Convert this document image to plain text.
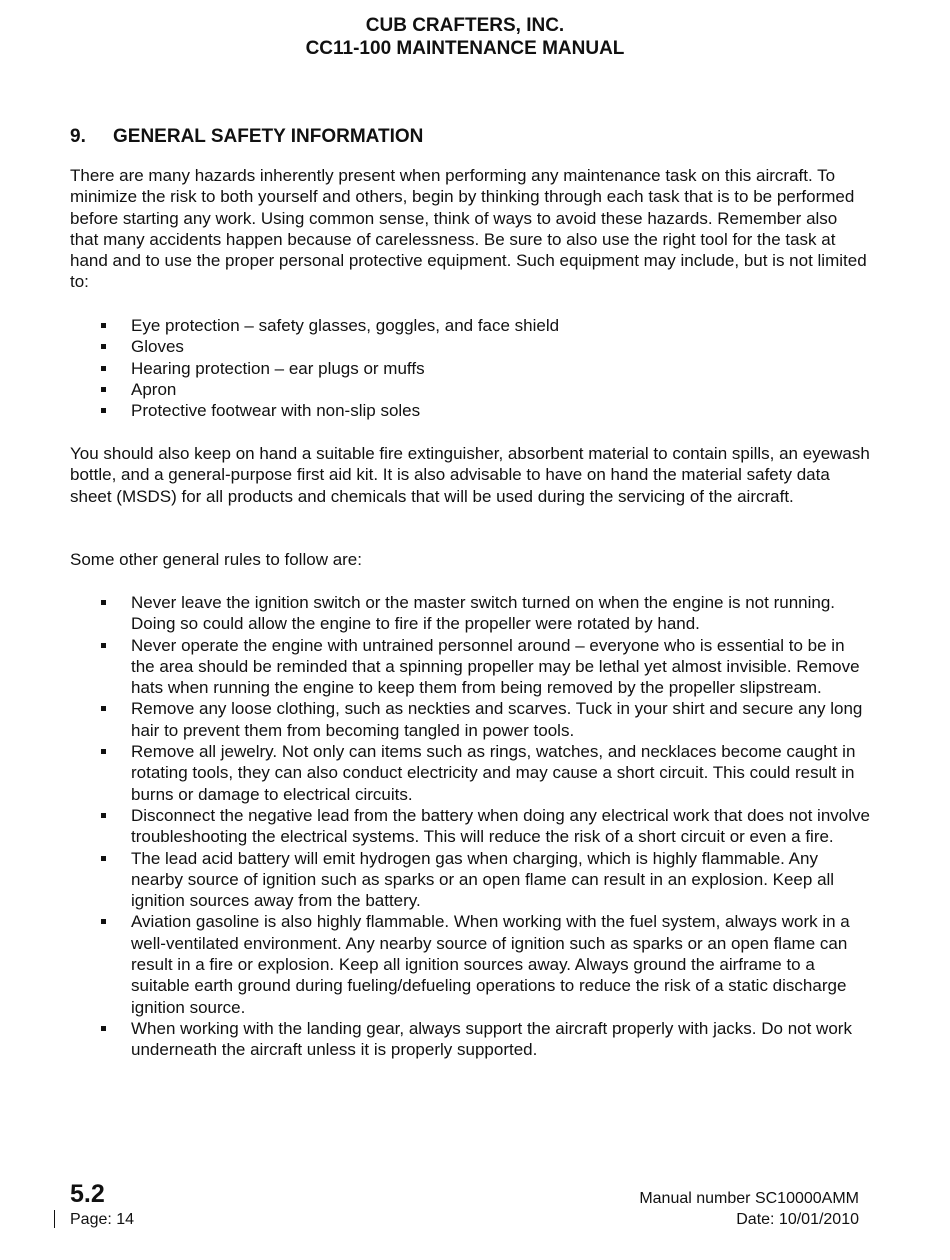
CUB CRAFTERS, INC.
CC11-100 MAINTENANCE MANUAL
9. GENERAL SAFETY INFORMATION

There are many hazards inherently present when performing any maintenance task on this aircraft. To minimize the risk to both yourself and others, begin by thinking through each task that is to be performed before starting any work. Using common sense, think of ways to avoid these hazards. Remember also that many accidents happen because of carelessness. Be sure to also use the right tool for the task at hand and to use the proper personal protective equipment. Such equipment may include, but is not limited to:

Eye protection – safety glasses, goggles, and face shield
Gloves
Hearing protection – ear plugs or muffs
Apron
Protective footwear with non-slip soles

You should also keep on hand a suitable fire extinguisher, absorbent material to contain spills, an eyewash bottle, and a general-purpose first aid kit. It is also advisable to have on hand the material safety data sheet (MSDS) for all products and chemicals that will be used during the servicing of the aircraft.

Some other general rules to follow are:

Never leave the ignition switch or the master switch turned on when the engine is not running. Doing so could allow the engine to fire if the propeller were rotated by hand.
Never operate the engine with untrained personnel around – everyone who is essential to be in the area should be reminded that a spinning propeller may be lethal yet almost invisible. Remove hats when running the engine to keep them from being removed by the propeller slipstream.
Remove any loose clothing, such as neckties and scarves. Tuck in your shirt and secure any long hair to prevent them from becoming tangled in power tools.
Remove all jewelry. Not only can items such as rings, watches, and necklaces become caught in rotating tools, they can also conduct electricity and may cause a short circuit. This could result in burns or damage to electrical circuits.
Disconnect the negative lead from the battery when doing any electrical work that does not involve troubleshooting the electrical systems. This will reduce the risk of a short circuit or even a fire.
The lead acid battery will emit hydrogen gas when charging, which is highly flammable. Any nearby source of ignition such as sparks or an open flame can result in an explosion. Keep all ignition sources away from the battery.
Aviation gasoline is also highly flammable. When working with the fuel system, always work in a well-ventilated environment. Any nearby source of ignition such as sparks or an open flame can result in a fire or explosion. Keep all ignition sources away. Always ground the airframe to a suitable earth ground during fueling/defueling operations to reduce the risk of a static discharge ignition source.
When working with the landing gear, always support the aircraft properly with jacks. Do not work underneath the aircraft unless it is properly supported.
5.2
Page: 14
Manual number SC10000AMM
Date: 10/01/2010
